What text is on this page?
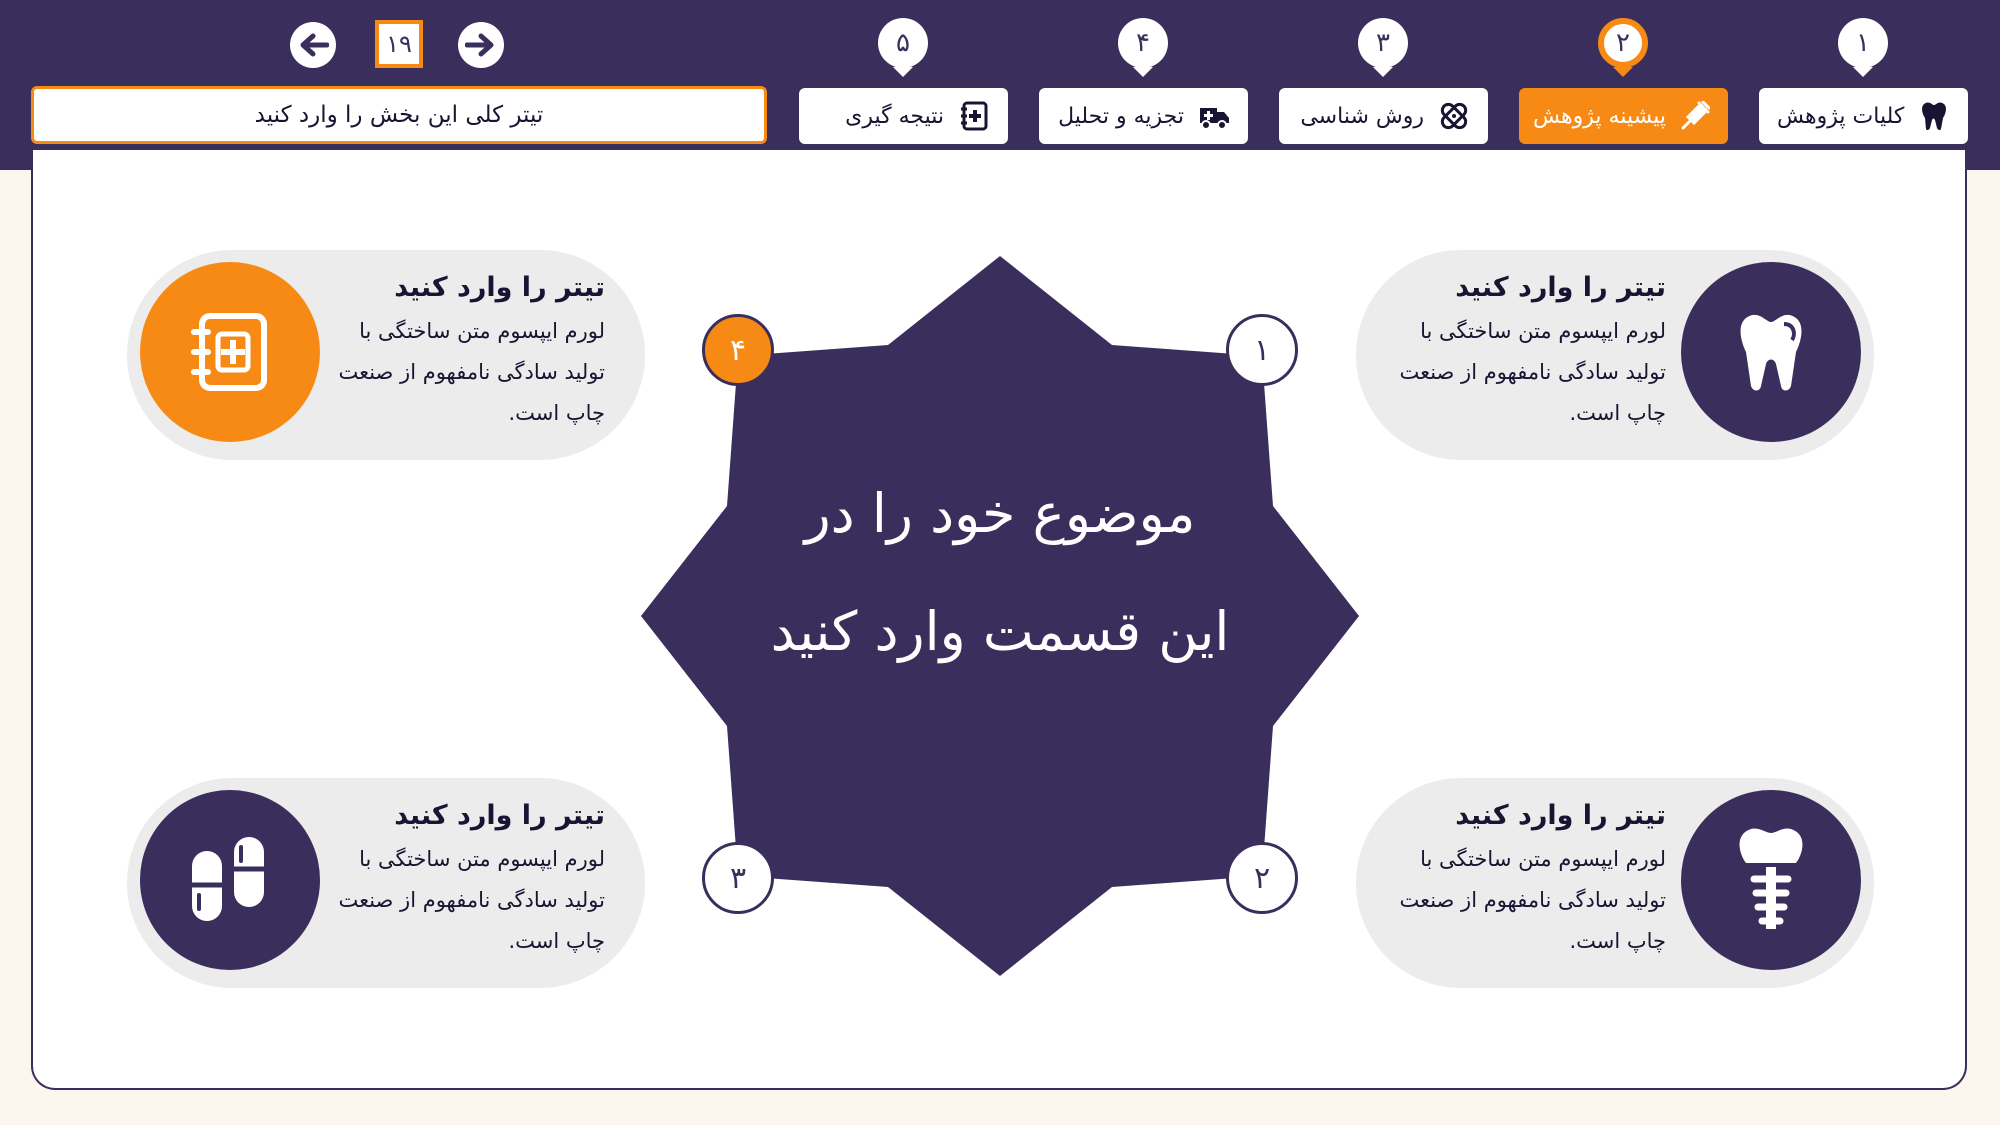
۱
۲
۳
۴
۵
کلیات پژوهش
پیشینه پژوهش
روش شناسی
تجزیه و تحلیل
نتیجه گیری
تیتر کلی این بخش را وارد کنید
۱۹
موضوع خود را در این قسمت وارد کنید
۱
۲
۳
۴
تیتر را وارد کنید
لورم ایپسوم متن ساختگی با تولید سادگی نامفهوم از صنعت چاپ است.
تیتر را وارد کنید
لورم ایپسوم متن ساختگی با تولید سادگی نامفهوم از صنعت چاپ است.
تیتر را وارد کنید
لورم ایپسوم متن ساختگی با تولید سادگی نامفهوم از صنعت چاپ است.
تیتر را وارد کنید
لورم ایپسوم متن ساختگی با تولید سادگی نامفهوم از صنعت چاپ است.
